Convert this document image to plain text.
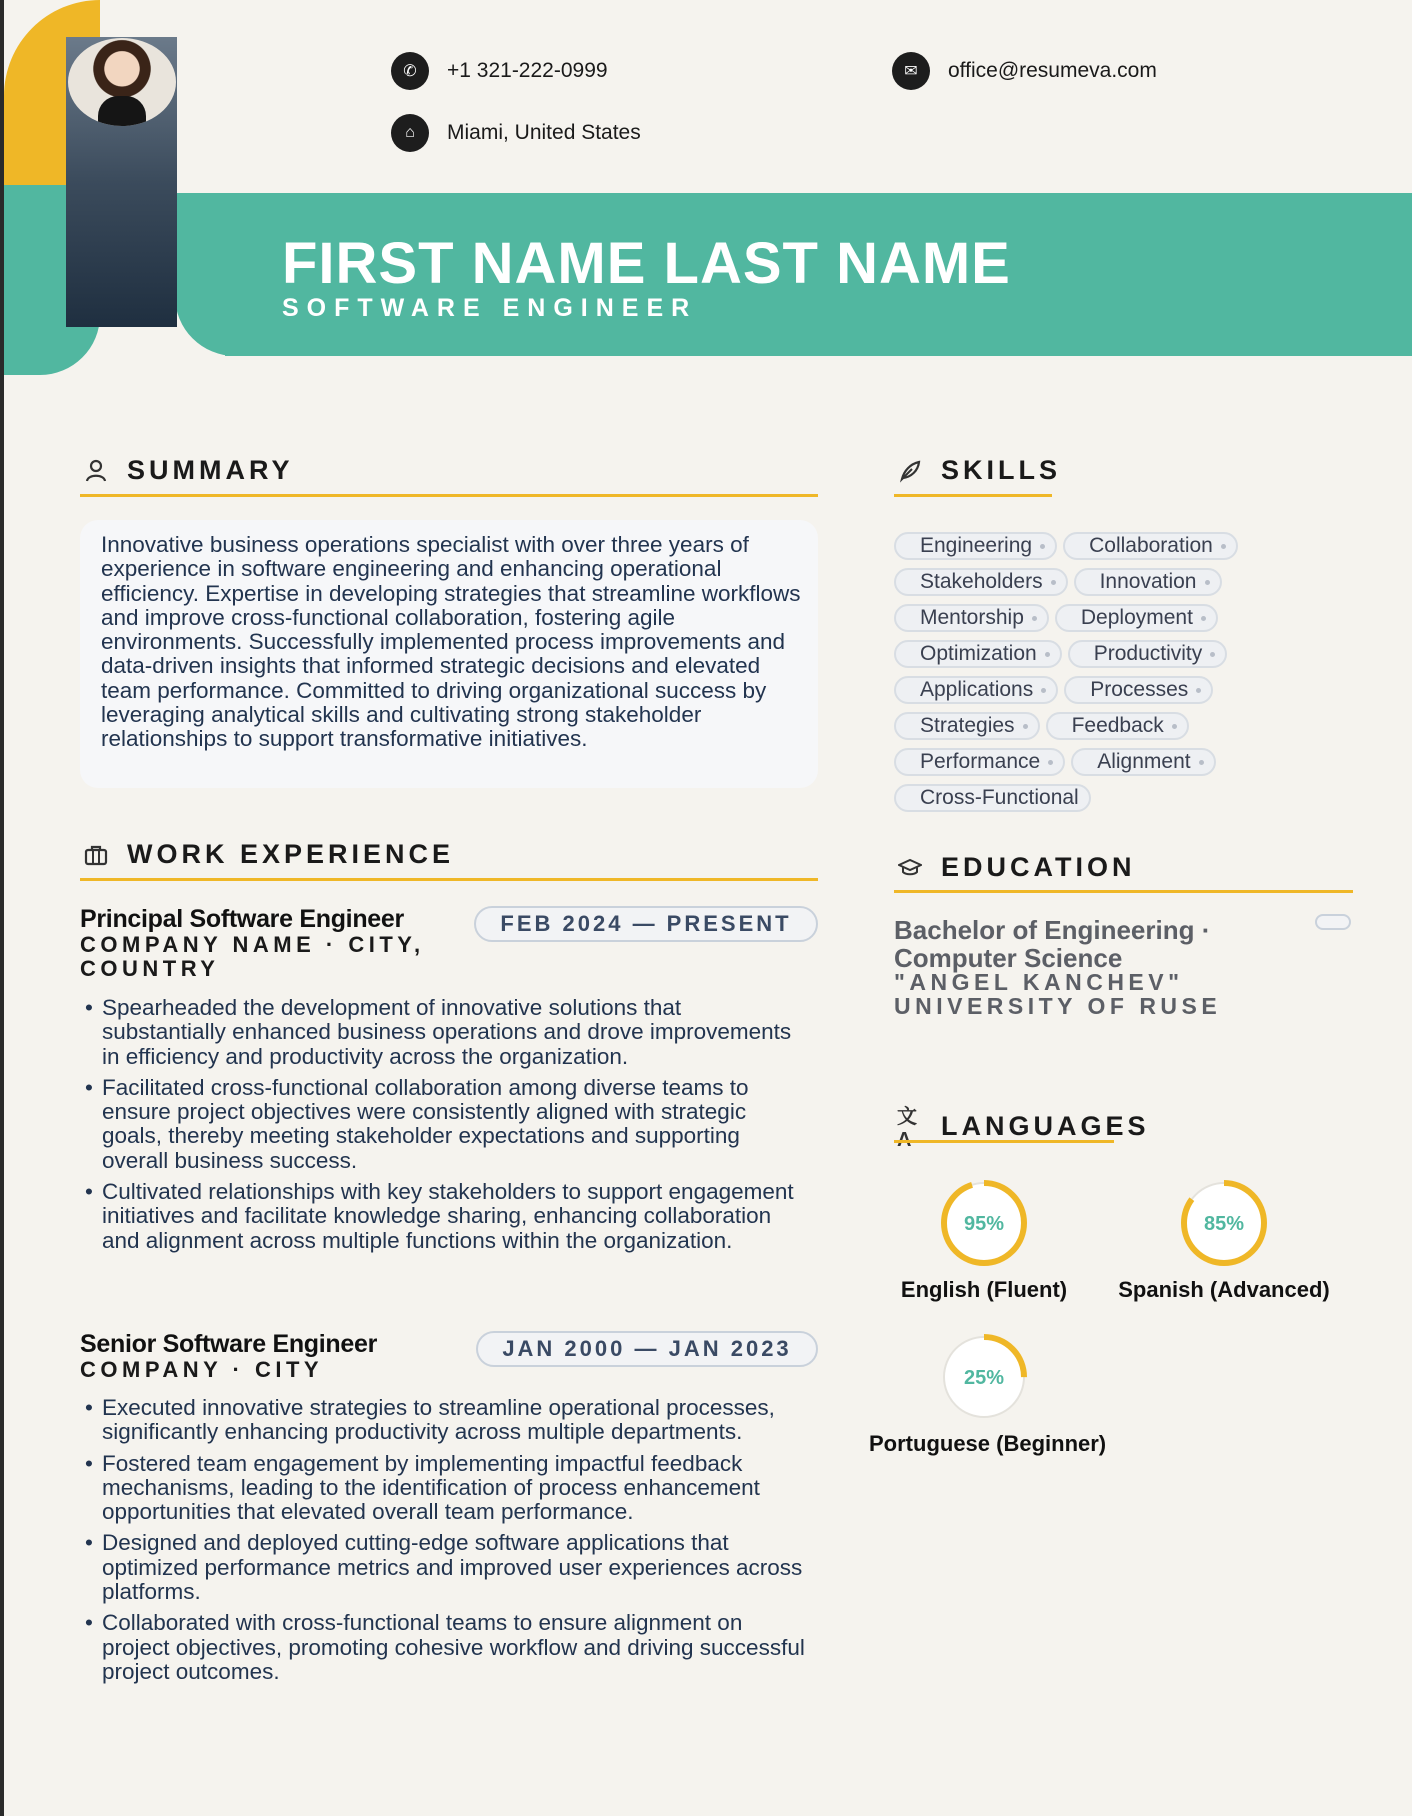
✆	+1 321-222-0999	✉	office@resumeva.com
⌂	Miami, United States
FIRST NAME LAST NAME
SOFTWARE ENGINEER
SUMMARY
Innovative business operations specialist with over three years of experience in software engineering and enhancing operational efficiency. Expertise in developing strategies that streamline workflows and improve cross-functional collaboration, fostering agile environments. Successfully implemented process improvements and data-driven insights that informed strategic decisions and elevated team performance. Committed to driving organizational success by leveraging analytical skills and cultivating strong stakeholder relationships to support transformative initiatives.
WORK EXPERIENCE
Principal Software Engineer
COMPANY NAME · CITY, COUNTRY
FEB 2024 — PRESENT
• Spearheaded the development of innovative solutions that substantially enhanced business operations and drove improvements in efficiency and productivity across the organization.
• Facilitated cross-functional collaboration among diverse teams to ensure project objectives were consistently aligned with strategic goals, thereby meeting stakeholder expectations and supporting overall business success.
• Cultivated relationships with key stakeholders to support engagement initiatives and facilitate knowledge sharing, enhancing collaboration and alignment across multiple functions within the organization.
Senior Software Engineer
COMPANY · CITY
JAN 2000 — JAN 2023
• Executed innovative strategies to streamline operational processes, significantly enhancing productivity across multiple departments.
• Fostered team engagement by implementing impactful feedback mechanisms, leading to the identification of process enhancement opportunities that elevated overall team performance.
• Designed and deployed cutting-edge software applications that optimized performance metrics and improved user experiences across platforms.
• Collaborated with cross-functional teams to ensure alignment on project objectives, promoting cohesive workflow and driving successful project outcomes.
SKILLS
Engineering	Collaboration
Stakeholders	Innovation
Mentorship	Deployment
Optimization	Productivity
Applications	Processes
Strategies	Feedback
Performance	Alignment
Cross-Functional
EDUCATION
Bachelor of Engineering · Computer Science
"ANGEL KANCHEV" UNIVERSITY OF RUSE
文 LANGUAGES
95%
English (Fluent)
85%
Spanish (Advanced)
25%
Portuguese (Beginner)
